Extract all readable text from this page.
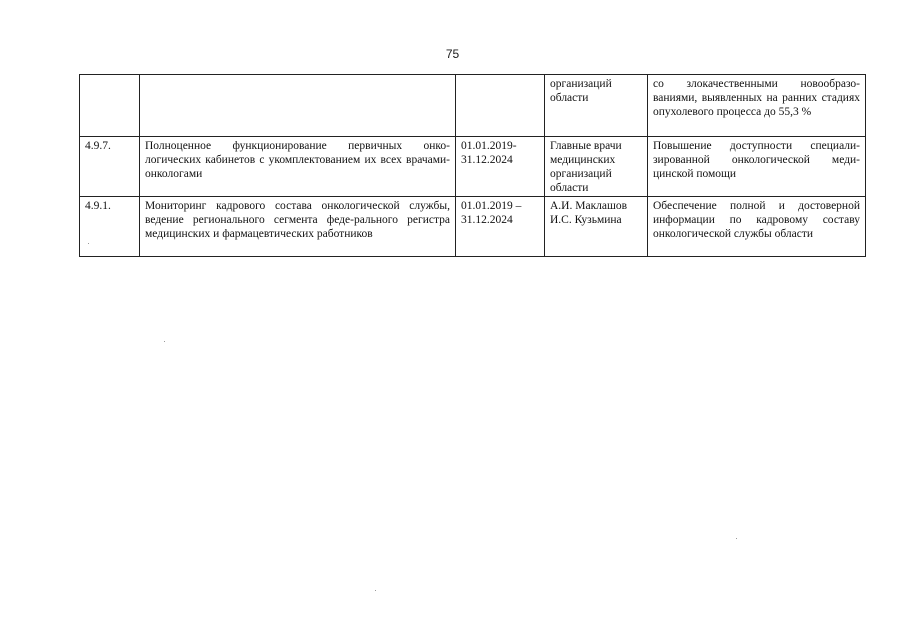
75

			организаций области	со злокачественными новообразо-ваниями, выявленных на ранних стадиях опухолевого процесса до 55,3 %

4.9.7.	Полноценное функционирование первичных онко-логических кабинетов с укомплектованием их всех врачами-онкологами	01.01.2019-31.12.2024	Главные врачи медицинских организаций области	Повышение доступности специали-зированной онкологической меди-цинской помощи

4.9.1.	Мониторинг кадрового состава онкологической службы, ведение регионального сегмента феде-рального регистра медицинских и фармацевтических работников	01.01.2019 – 31.12.2024	А.И. Маклашов И.С. Кузьмина	Обеспечение полной и достоверной информации по кадровому составу онкологической службы области
